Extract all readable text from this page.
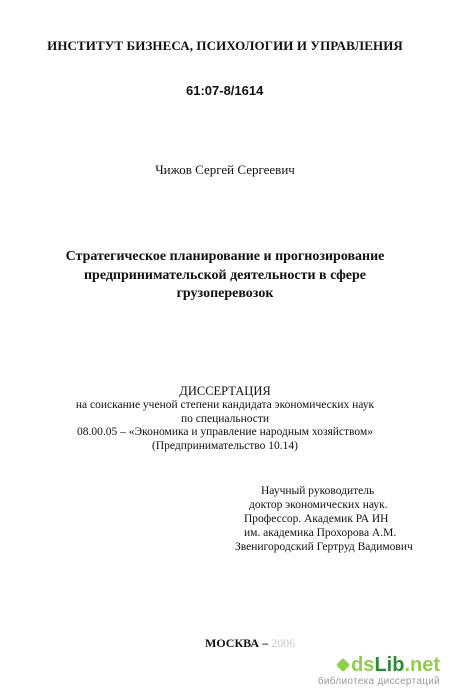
ИНСТИТУТ БИЗНЕСА, ПСИХОЛОГИИ И УПРАВЛЕНИЯ
61:07-8/1614
Чижов Сергей Сергеевич
Стратегическое планирование и прогнозирование
предпринимательской деятельности в сфере
грузоперевозок
ДИССЕРТАЦИЯ
на соискание ученой степени кандидата экономических наук
по специальности
08.00.05 – «Экономика и управление народным хозяйством»
(Предпринимательство 10.14)
Научный руководитель
доктор экономических наук.
Профессор. Академик РА ИН
им. академика Прохорова А.М.
Звенигородский Гертруд Вадимович
МОСКВА – 2006
ds Lib .net
библиотека диссертаций
